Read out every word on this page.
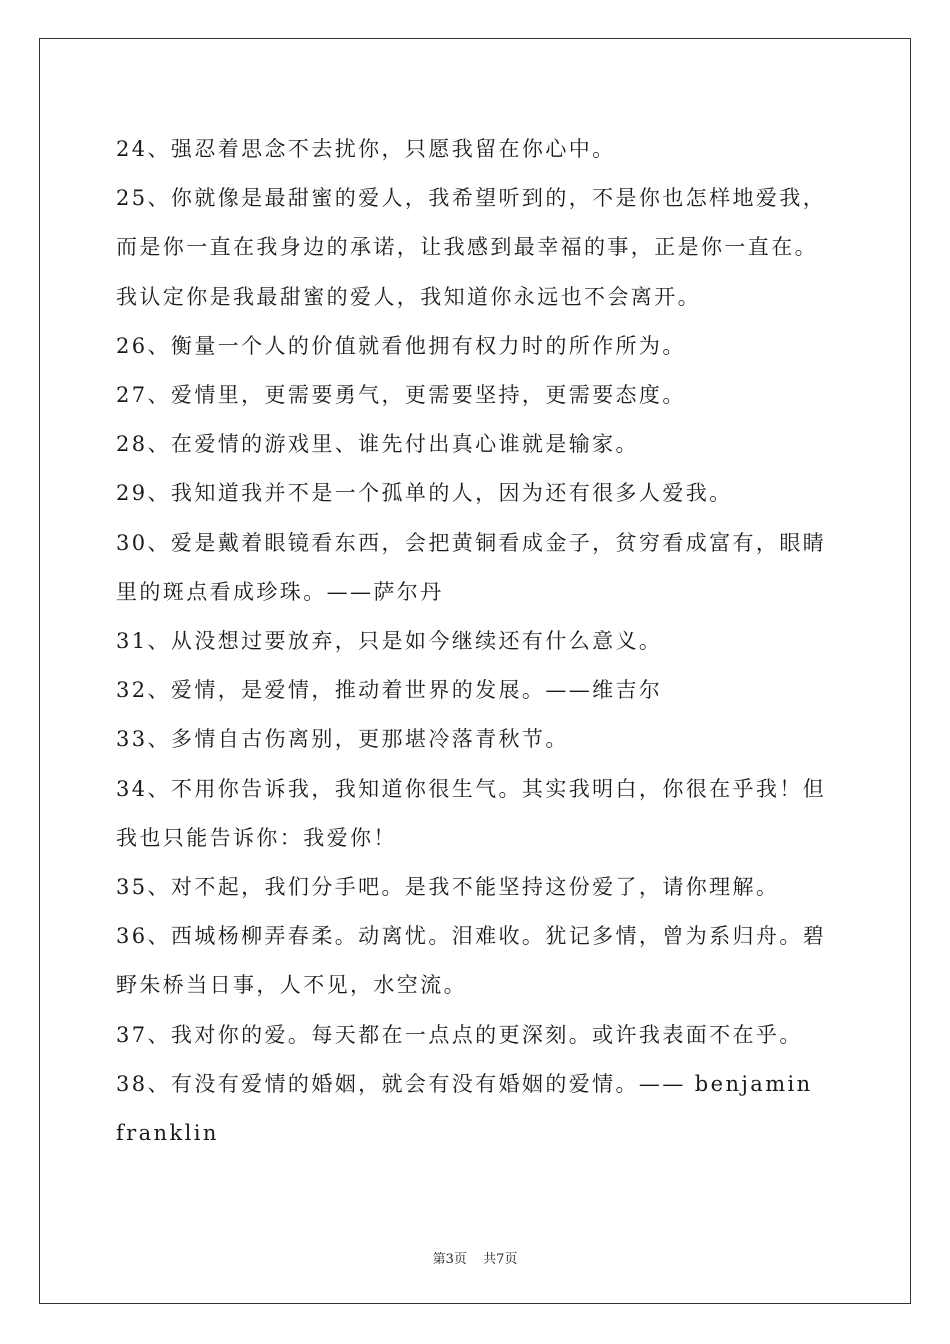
24、强忍着思念不去扰你，只愿我留在你心中。
25、你就像是最甜蜜的爱人，我希望听到的，不是你也怎样地爱我，
而是你一直在我身边的承诺，让我感到最幸福的事，正是你一直在。
我认定你是我最甜蜜的爱人，我知道你永远也不会离开。
26、衡量一个人的价值就看他拥有权力时的所作所为。
27、爱情里，更需要勇气，更需要坚持，更需要态度。
28、在爱情的游戏里、谁先付出真心谁就是输家。
29、我知道我并不是一个孤单的人，因为还有很多人爱我。
30、爱是戴着眼镜看东西，会把黄铜看成金子，贫穷看成富有，眼睛
里的斑点看成珍珠。——萨尔丹
31、从没想过要放弃，只是如今继续还有什么意义。
32、爱情，是爱情，推动着世界的发展。——维吉尔
33、多情自古伤离别，更那堪冷落青秋节。
34、不用你告诉我，我知道你很生气。其实我明白，你很在乎我！但
我也只能告诉你：我爱你！
35、对不起，我们分手吧。是我不能坚持这份爱了，请你理解。
36、西城杨柳弄春柔。动离忧。泪难收。犹记多情，曾为系归舟。碧
野朱桥当日事，人不见，水空流。
37、我对你的爱。每天都在一点点的更深刻。或许我表面不在乎。
38、有没有爱情的婚姻，就会有没有婚姻的爱情。—— benjamin
franklin
第3页 共7页
